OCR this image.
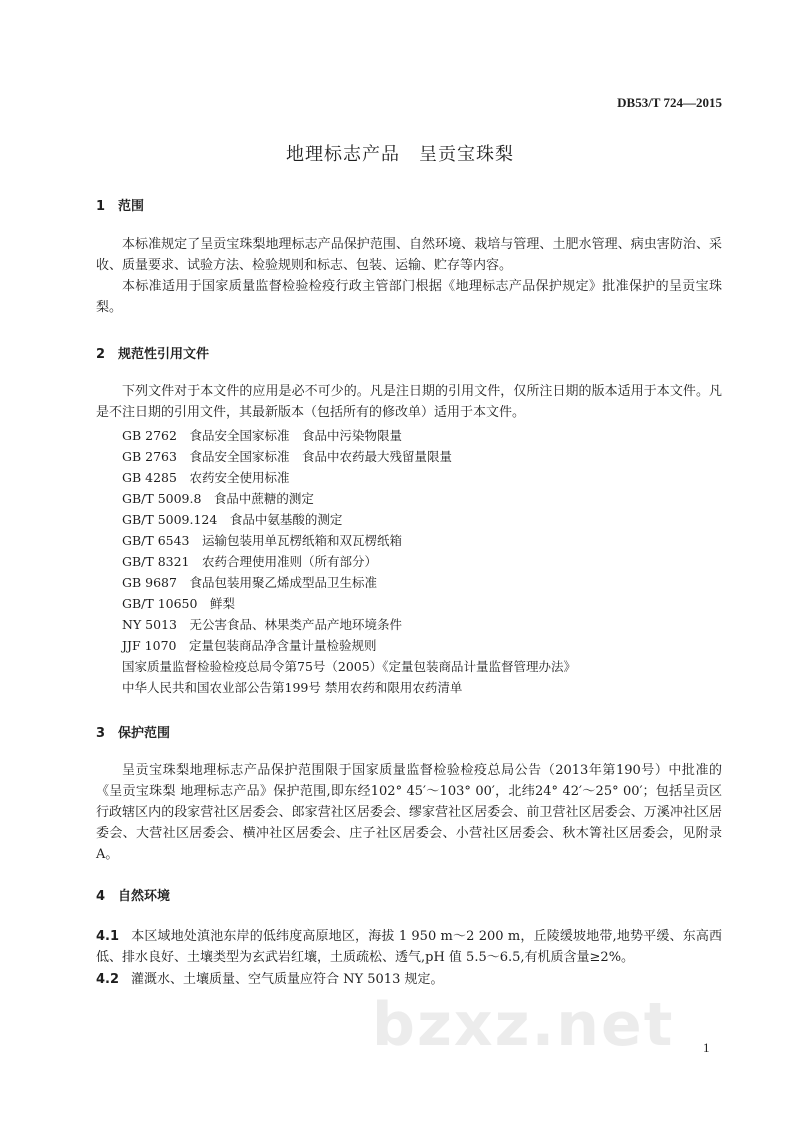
DB53/T 724—2015
地理标志产品　呈贡宝珠梨
1 范围
本标准规定了呈贡宝珠梨地理标志产品保护范围、自然环境、栽培与管理、土肥水管理、病虫害防治、采收、质量要求、试验方法、检验规则和标志、包装、运输、贮存等内容。
本标准适用于国家质量监督检验检疫行政主管部门根据《地理标志产品保护规定》批准保护的呈贡宝珠梨。
2 规范性引用文件
下列文件对于本文件的应用是必不可少的。凡是注日期的引用文件，仅所注日期的版本适用于本文件。凡是不注日期的引用文件，其最新版本（包括所有的修改单）适用于本文件。
GB 2762　食品安全国家标准　食品中污染物限量
GB 2763　食品安全国家标准　食品中农药最大残留量限量
GB 4285　农药安全使用标准
GB/T 5009.8　食品中蔗糖的测定
GB/T 5009.124　食品中氨基酸的测定
GB/T 6543　运输包装用单瓦楞纸箱和双瓦楞纸箱
GB/T 8321　农药合理使用准则（所有部分）
GB 9687　食品包装用聚乙烯成型品卫生标准
GB/T 10650　鲜梨
NY 5013　无公害食品、林果类产品产地环境条件
JJF 1070　定量包装商品净含量计量检验规则
国家质量监督检验检疫总局令第75号（2005）《定量包装商品计量监督管理办法》
中华人民共和国农业部公告第199号 禁用农药和限用农药清单
3 保护范围
呈贡宝珠梨地理标志产品保护范围限于国家质量监督检验检疫总局公告（2013年第190号）中批准的《呈贡宝珠梨 地理标志产品》保护范围,即东经102° 45′～103° 00′，北纬24° 42′～25° 00′；包括呈贡区行政辖区内的段家营社区居委会、郎家营社区居委会、缪家营社区居委会、前卫营社区居委会、万溪冲社区居委会、大营社区居委会、横冲社区居委会、庄子社区居委会、小营社区居委会、秋木箐社区居委会，见附录A。
4 自然环境
4.1 本区域地处滇池东岸的低纬度高原地区，海拔 1 950 m～2 200 m，丘陵缓坡地带,地势平缓、东高西低、排水良好、土壤类型为玄武岩红壤，土质疏松、透气,pH 值 5.5～6.5,有机质含量≥2%。
4.2 灌溉水、土壤质量、空气质量应符合 NY 5013 规定。
bzxz.net 1
